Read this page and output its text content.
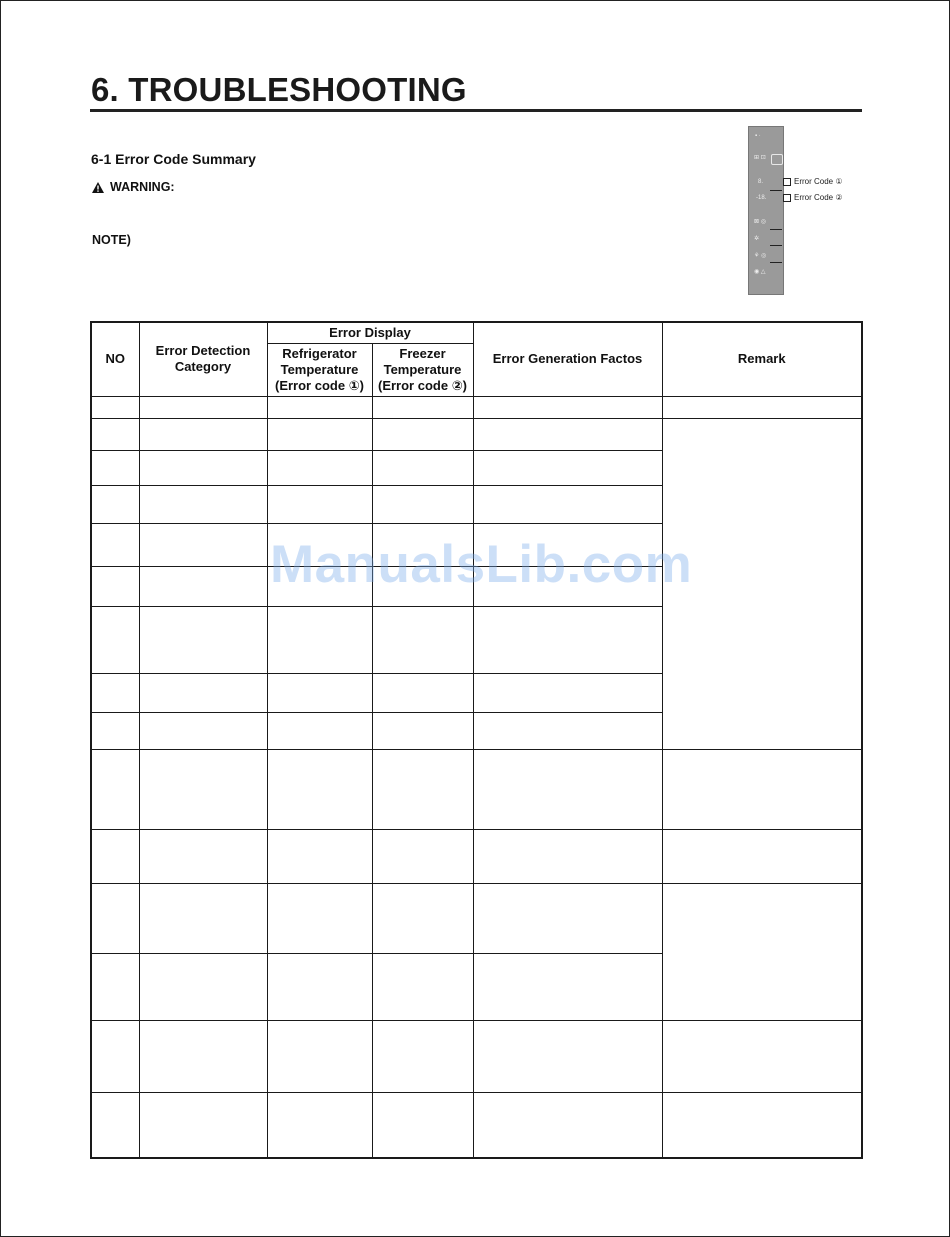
6. TROUBLESHOOTING
6-1 Error Code Summary
WARNING:
NOTE)
▪ ·
⊞ ⊡
8.
-18.
⊠ ◎
✲
⚘ ◎
◉ △
Error Code ①
Error Code ②
NO	Error Detection Category	Error Display		Error Generation Factos	Remark
		Refrigerator Temperature (Error code ①)	Freezer Temperature (Error code ②)		

ManualsLib.com
